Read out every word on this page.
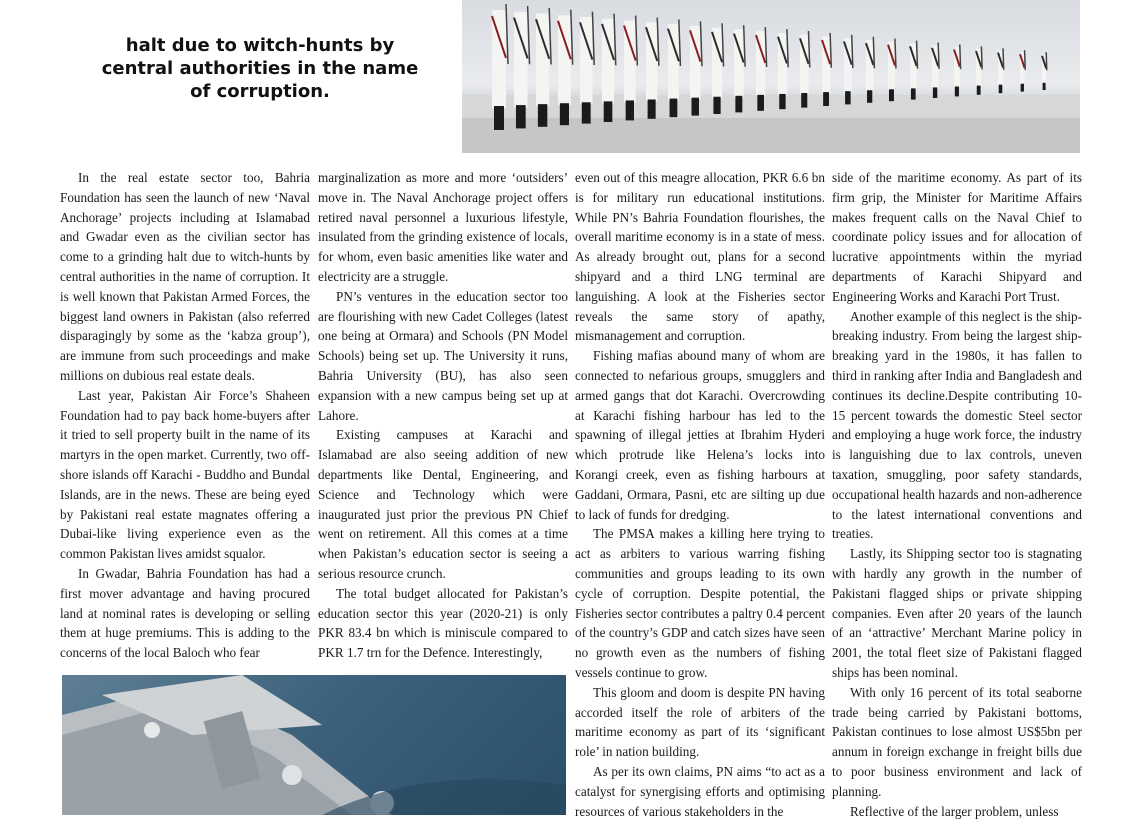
halt due to witch-hunts by
central authorities in the name
of corruption.

In the real estate sector too, Bahria Foundation has seen the launch of new ‘Naval Anchorage’ projects including at Islamabad and Gwadar even as the civilian sector has come to a grinding halt due to witch-hunts by central authorities in the name of corruption. It is well known that Pakistan Armed Forces, the biggest land owners in Pakistan (also referred disparagingly by some as the ‘kabza group’), are immune from such proceedings and make millions on dubious real estate deals.

Last year, Pakistan Air Force’s Shaheen Foundation had to pay back home-buyers after it tried to sell property built in the name of its martyrs in the open market. Currently, two off-shore islands off Karachi - Buddho and Bundal Islands, are in the news. These are being eyed by Pakistani real estate magnates offering a Dubai-like living experience even as the common Pakistan lives amidst squalor.

In Gwadar, Bahria Foundation has had a first mover advantage and having procured land at nominal rates is developing or selling them at huge premiums. This is adding to the concerns of the local Baloch who fear

marginalization as more and more ‘outsiders’ move in. The Naval Anchorage project offers retired naval personnel a luxurious lifestyle, insulated from the grinding existence of locals, for whom, even basic amenities like water and electricity are a struggle.

PN’s ventures in the education sector too are flourishing with new Cadet Colleges (latest one being at Ormara) and Schools (PN Model Schools) being set up. The University it runs, Bahria University (BU), has also seen expansion with a new campus being set up at Lahore.

Existing campuses at Karachi and Islamabad are also seeing addition of new departments like Dental, Engineering, and Science and Technology which were inaugurated just prior the previous PN Chief went on retirement. All this comes at a time when Pakistan’s education sector is seeing a serious resource crunch.

The total budget allocated for Pakistan’s education sector this year (2020-21) is only PKR 83.4 bn which is miniscule compared to PKR 1.7 trn for the Defence. Interestingly,

even out of this meagre allocation, PKR 6.6 bn is for military run educational institutions. While PN’s Bahria Foundation flourishes, the overall maritime economy is in a state of mess. As already brought out, plans for a second shipyard and a third LNG terminal are languishing. A look at the Fisheries sector reveals the same story of apathy, mismanagement and corruption.

Fishing mafias abound many of whom are connected to nefarious groups, smugglers and armed gangs that dot Karachi. Overcrowding at Karachi fishing harbour has led to the spawning of illegal jetties at Ibrahim Hyderi which protrude like Helena’s locks into Korangi creek, even as fishing harbours at Gaddani, Ormara, Pasni, etc are silting up due to lack of funds for dredging.

The PMSA makes a killing here trying to act as arbiters to various warring fishing communities and groups leading to its own cycle of corruption. Despite potential, the Fisheries sector contributes a paltry 0.4 percent of the country’s GDP and catch sizes have seen no growth even as the numbers of fishing vessels continue to grow.

This gloom and doom is despite PN having accorded itself the role of arbiters of the maritime economy as part of its ‘significant role’ in nation building.

As per its own claims, PN aims “to act as a catalyst for synergising efforts and optimising resources of various stakeholders in the

side of the maritime economy. As part of its firm grip, the Minister for Maritime Affairs makes frequent calls on the Naval Chief to coordinate policy issues and for allocation of lucrative appointments within the myriad departments of Karachi Shipyard and Engineering Works and Karachi Port Trust.

Another example of this neglect is the ship-breaking industry. From being the largest ship-breaking yard in the 1980s, it has fallen to third in ranking after India and Bangladesh and continues its decline.Despite contributing 10-15 percent towards the domestic Steel sector and employing a huge work force, the industry is languishing due to lax controls, uneven taxation, smuggling, poor safety standards, occupational health hazards and non-adherence to the latest international conventions and treaties.

Lastly, its Shipping sector too is stagnating with hardly any growth in the number of Pakistani flagged ships or private shipping companies. Even after 20 years of the launch of an ‘attractive’ Merchant Marine policy in 2001, the total fleet size of Pakistani flagged ships has been nominal.

With only 16 percent of its total seaborne trade being carried by Pakistani bottoms, Pakistan continues to lose almost US$5bn per annum in foreign exchange in freight bills due to poor business environment and lack of planning.

Reflective of the larger problem, unless
